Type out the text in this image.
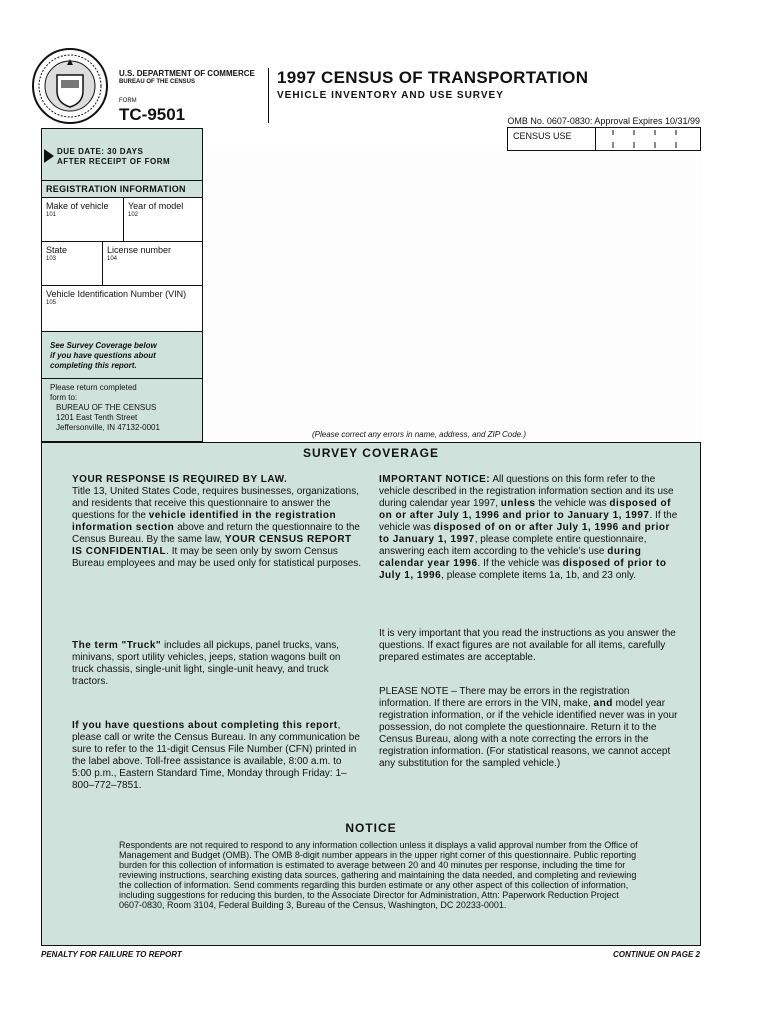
U.S. DEPARTMENT OF COMMERCE
BUREAU OF THE CENSUS
FORM
TC-9501
1997 CENSUS OF TRANSPORTATION
VEHICLE INVENTORY AND USE SURVEY
OMB No. 0607-0830: Approval Expires 10/31/99
CENSUS USE
(Please correct any errors in name, address, and ZIP Code.)
DUE DATE: 30 DAYS
AFTER RECEIPT OF FORM
REGISTRATION INFORMATION
Make of vehicle
101
Year of model
102
State
103
License number
104
Vehicle Identification Number (VIN)
105
See Survey Coverage below
if you have questions about
completing this report.
Please return completed
form to:
BUREAU OF THE CENSUS
1201 East Tenth Street
Jeffersonville, IN 47132-0001
SURVEY COVERAGE
YOUR RESPONSE IS REQUIRED BY LAW.
Title 13, United States Code, requires businesses, organizations, and residents that receive this questionnaire to answer the questions for the vehicle identified in the registration information section above and return the questionnaire to the Census Bureau. By the same law, YOUR CENSUS REPORT IS CONFIDENTIAL. It may be seen only by sworn Census Bureau employees and may be used only for statistical purposes.
The term "Truck" includes all pickups, panel trucks, vans, minivans, sport utility vehicles, jeeps, station wagons built on truck chassis, single-unit light, single-unit heavy, and truck tractors.
If you have questions about completing this report, please call or write the Census Bureau. In any communication be sure to refer to the 11-digit Census File Number (CFN) printed in the label above. Toll-free assistance is available, 8:00 a.m. to 5:00 p.m., Eastern Standard Time, Monday through Friday: 1–800–772–7851.
IMPORTANT NOTICE: All questions on this form refer to the vehicle described in the registration information section and its use during calendar year 1997, unless the vehicle was disposed of on or after July 1, 1996 and prior to January 1, 1997. If the vehicle was disposed of on or after July 1, 1996 and prior to January 1, 1997, please complete entire questionnaire, answering each item according to the vehicle’s use during calendar year 1996. If the vehicle was disposed of prior to July 1, 1996, please complete items 1a, 1b, and 23 only.
It is very important that you read the instructions as you answer the questions. If exact figures are not available for all items, carefully prepared estimates are acceptable.
PLEASE NOTE – There may be errors in the registration information. If there are errors in the VIN, make, and model year registration information, or if the vehicle identified never was in your possession, do not complete the questionnaire. Return it to the Census Bureau, along with a note correcting the errors in the registration information. (For statistical reasons, we cannot accept any substitution for the sampled vehicle.)
NOTICE
Respondents are not required to respond to any information collection unless it displays a valid approval number from the Office of Management and Budget (OMB). The OMB 8-digit number appears in the upper right corner of this questionnaire. Public reporting burden for this collection of information is estimated to average between 20 and 40 minutes per response, including the time for reviewing instructions, searching existing data sources, gathering and maintaining the data needed, and completing and reviewing the collection of information. Send comments regarding this burden estimate or any other aspect of this collection of information, including suggestions for reducing this burden, to the Associate Director for Administration, Attn: Paperwork Reduction Project 0607-0830, Room 3104, Federal Building 3, Bureau of the Census, Washington, DC 20233-0001.
PENALTY FOR FAILURE TO REPORT	CONTINUE ON PAGE 2
